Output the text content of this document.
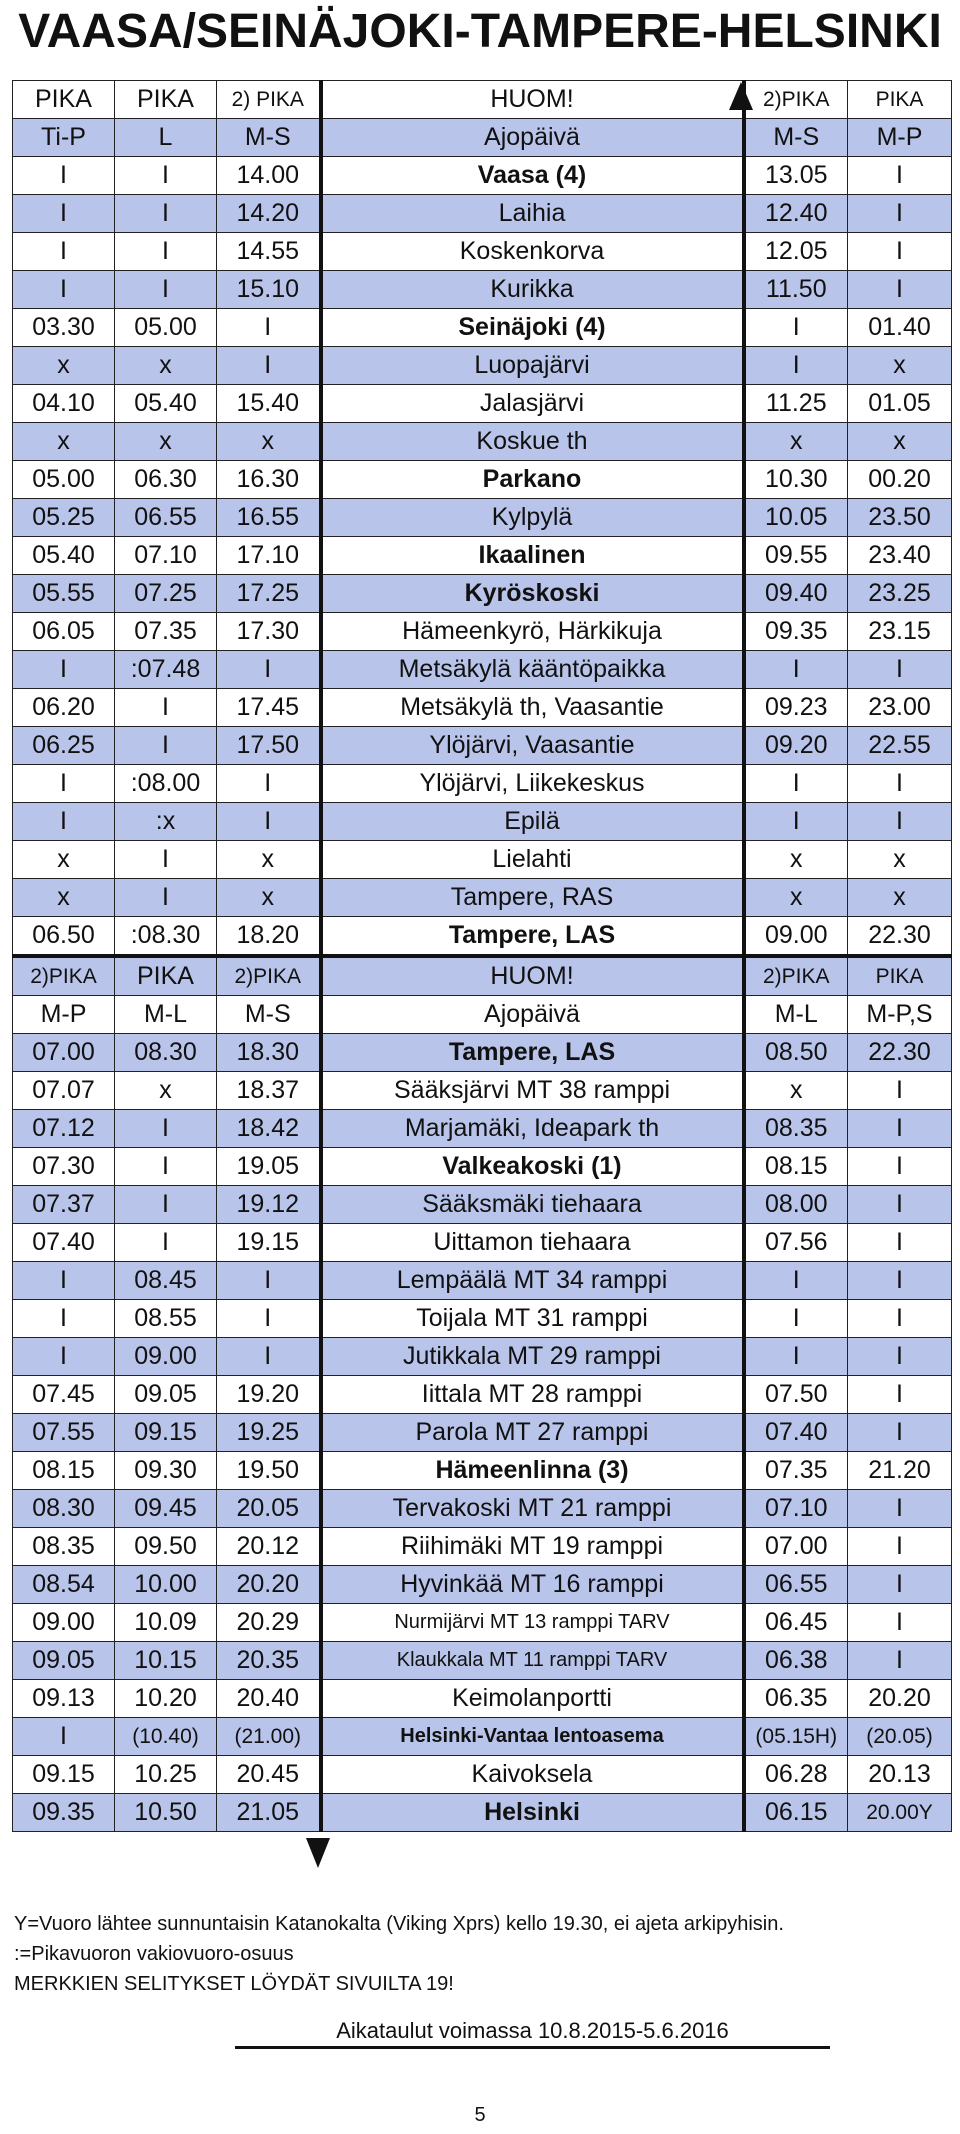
VAASA/SEINÄJOKI-TAMPERE-HELSINKI
PIKA	PIKA	2) PIKA	HUOM!	2)PIKA	PIKA
Ti-P	L	M-S	Ajopäivä	M-S	M-P
I	I	14.00	Vaasa (4)	13.05	I
I	I	14.20	Laihia	12.40	I
I	I	14.55	Koskenkorva	12.05	I
I	I	15.10	Kurikka	11.50	I
03.30	05.00	I	Seinäjoki (4)	I	01.40
x	x	I	Luopajärvi	I	x
04.10	05.40	15.40	Jalasjärvi	11.25	01.05
x	x	x	Koskue th	x	x
05.00	06.30	16.30	Parkano	10.30	00.20
05.25	06.55	16.55	Kylpylä	10.05	23.50
05.40	07.10	17.10	Ikaalinen	09.55	23.40
05.55	07.25	17.25	Kyröskoski	09.40	23.25
06.05	07.35	17.30	Hämeenkyrö, Härkikuja	09.35	23.15
I	:07.48	I	Metsäkylä kääntöpaikka	I	I
06.20	I	17.45	Metsäkylä th, Vaasantie	09.23	23.00
06.25	I	17.50	Ylöjärvi, Vaasantie	09.20	22.55
I	:08.00	I	Ylöjärvi, Liikekeskus	I	I
I	:x	I	Epilä	I	I
x	I	x	Lielahti	x	x
x	I	x	Tampere, RAS	x	x
06.50	:08.30	18.20	Tampere, LAS	09.00	22.30
2)PIKA	PIKA	2)PIKA	HUOM!	2)PIKA	PIKA
M-P	M-L	M-S	Ajopäivä	M-L	M-P,S
07.00	08.30	18.30	Tampere, LAS	08.50	22.30
07.07	x	18.37	Sääksjärvi MT 38 ramppi	x	I
07.12	I	18.42	Marjamäki, Ideapark th	08.35	I
07.30	I	19.05	Valkeakoski (1)	08.15	I
07.37	I	19.12	Sääksmäki tiehaara	08.00	I
07.40	I	19.15	Uittamon tiehaara	07.56	I
I	08.45	I	Lempäälä MT 34 ramppi	I	I
I	08.55	I	Toijala MT 31 ramppi	I	I
I	09.00	I	Jutikkala MT 29 ramppi	I	I
07.45	09.05	19.20	Iittala MT 28 ramppi	07.50	I
07.55	09.15	19.25	Parola MT 27 ramppi	07.40	I
08.15	09.30	19.50	Hämeenlinna (3)	07.35	21.20
08.30	09.45	20.05	Tervakoski MT 21 ramppi	07.10	I
08.35	09.50	20.12	Riihimäki MT 19 ramppi	07.00	I
08.54	10.00	20.20	Hyvinkää MT 16 ramppi	06.55	I
09.00	10.09	20.29	Nurmijärvi MT 13 ramppi TARV	06.45	I
09.05	10.15	20.35	Klaukkala MT 11 ramppi TARV	06.38	I
09.13	10.20	20.40	Keimolanportti	06.35	20.20
I	(10.40)	(21.00)	Helsinki-Vantaa lentoasema	(05.15H)	(20.05)
09.15	10.25	20.45	Kaivoksela	06.28	20.13
09.35	10.50	21.05	Helsinki	06.15	20.00Y
Y=Vuoro lähtee sunnuntaisin Katanokalta (Viking Xprs) kello 19.30, ei ajeta arkipyhisin.
:=Pikavuoron vakiovuoro-osuus
MERKKIEN SELITYKSET LÖYDÄT SIVUILTA 19!
Aikataulut voimassa 10.8.2015-5.6.2016
5
